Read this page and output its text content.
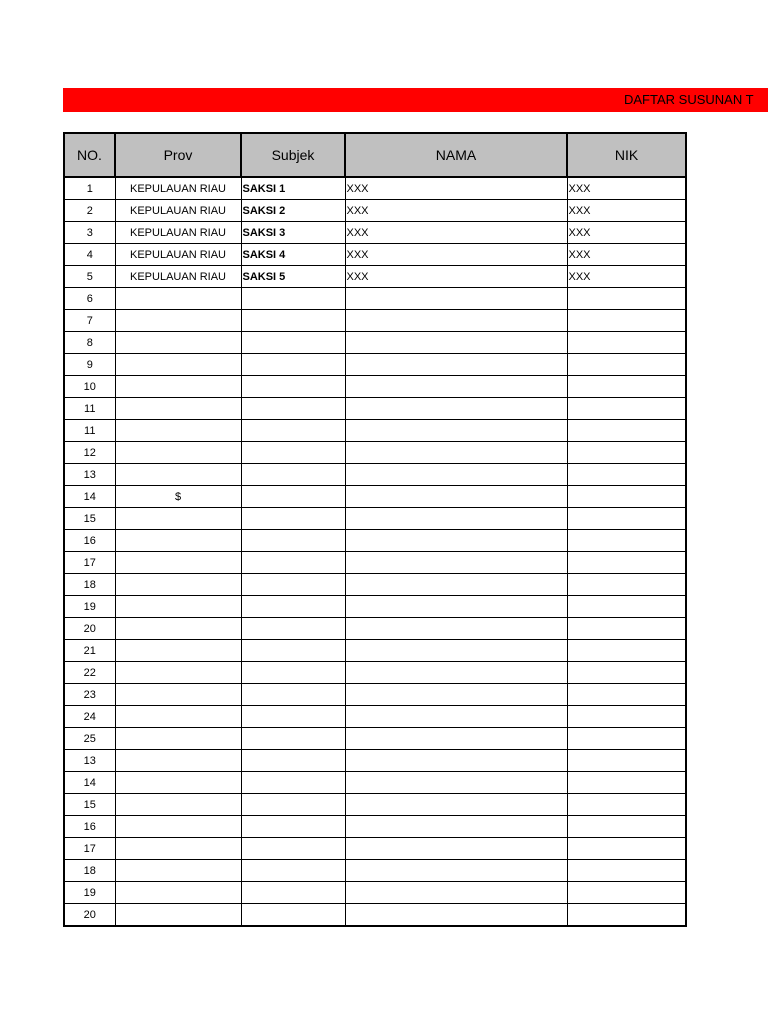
DAFTAR SUSUNAN T
NO.	Prov	Subjek	NAMA	NIK
1	KEPULAUAN RIAU	SAKSI 1	XXX	XXX
2	KEPULAUAN RIAU	SAKSI 2	XXX	XXX
3	KEPULAUAN RIAU	SAKSI 3	XXX	XXX
4	KEPULAUAN RIAU	SAKSI 4	XXX	XXX
5	KEPULAUAN RIAU	SAKSI 5	XXX	XXX
6				
7				
8				
9				
10				
11				
11				
12				
13				
14	$			
15				
16				
17				
18				
19				
20				
21				
22				
23				
24				
25				
13				
14				
15				
16				
17				
18				
19				
20				
